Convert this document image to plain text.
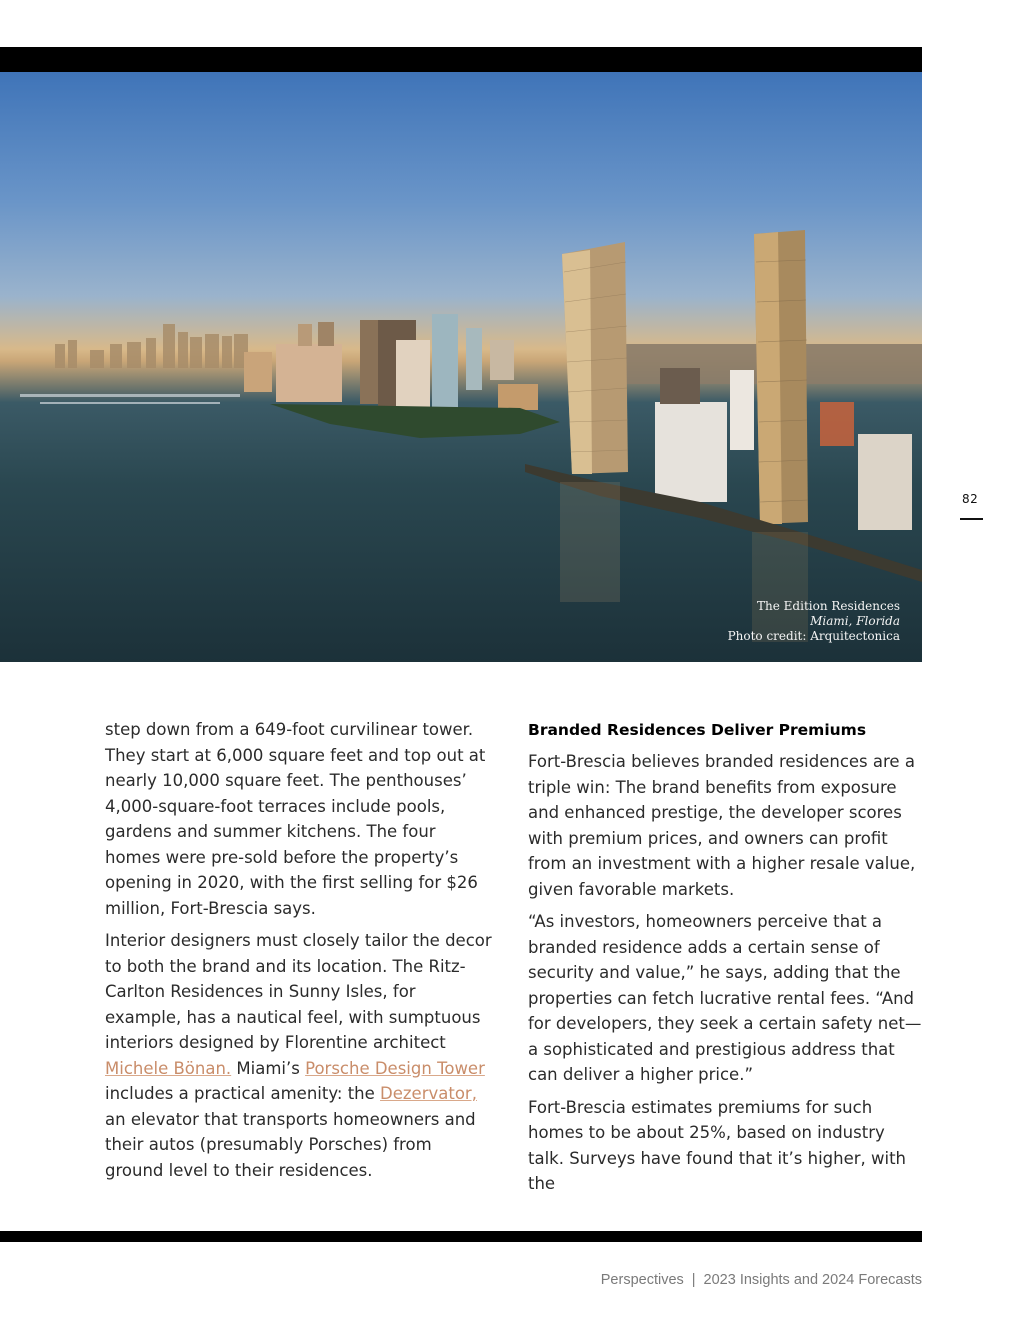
The Edition Residences
Miami, Florida
Photo credit: Arquitectonica
82

step down from a 649-foot curvilinear tower. They start at 6,000 square feet and top out at nearly 10,000 square feet. The penthouses’ 4,000-square-foot terraces include pools, gardens and summer kitchens. The four homes were pre-sold before the property’s opening in 2020, with the first selling for $26 million, Fort-Brescia says.

Interior designers must closely tailor the decor to both the brand and its location. The Ritz-Carlton Residences in Sunny Isles, for example, has a nautical feel, with sumptuous interiors designed by Florentine architect Michele Bönan. Miami’s Porsche Design Tower includes a practical amenity: the Dezervator, an elevator that transports homeowners and their autos (presumably Porsches) from ground level to their residences.

Branded Residences Deliver Premiums

Fort-Brescia believes branded residences are a triple win: The brand benefits from exposure and enhanced prestige, the developer scores with premium prices, and owners can profit from an investment with a higher resale value, given favorable markets.

“As investors, homeowners perceive that a branded residence adds a certain sense of security and value,” he says, adding that the properties can fetch lucrative rental fees. “And for developers, they seek a certain safety net—a sophisticated and prestigious address that can deliver a higher price.”

Fort-Brescia estimates premiums for such homes to be about 25%, based on industry talk. Surveys have found that it’s higher, with the

Perspectives | 2023 Insights and 2024 Forecasts
